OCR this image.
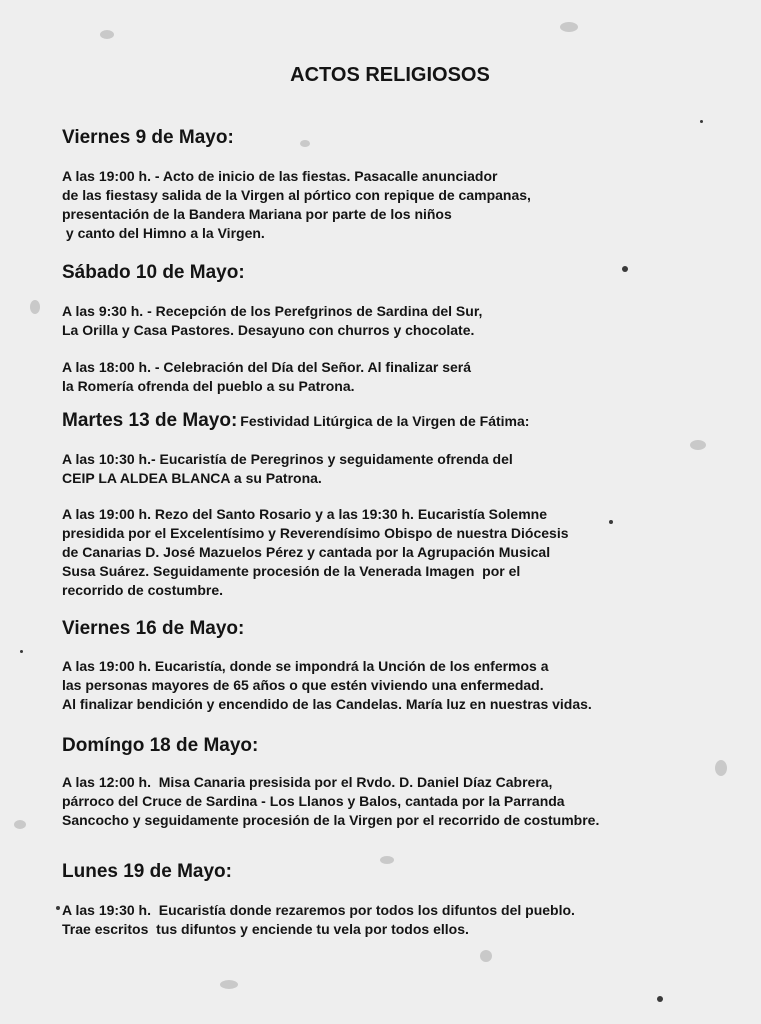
ACTOS RELIGIOSOS
Viernes 9 de Mayo:
A las 19:00 h. - Acto de inicio de las fiestas. Pasacalle anunciador
de las fiestasy salida de la Virgen al pórtico con repique de campanas,
presentación de la Bandera Mariana por parte de los niños
y canto del Himno a la Virgen.
Sábado 10 de Mayo:
A las 9:30 h. - Recepción de los Perefgrinos de Sardina del Sur,
La Orilla y Casa Pastores. Desayuno con churros y chocolate.
A las 18:00 h. - Celebración del Día del Señor. Al finalizar será
la Romería ofrenda del pueblo a su Patrona.
Martes 13 de Mayo: Festividad Litúrgica de la Virgen de Fátima:
A las 10:30 h.- Eucaristía de Peregrinos y seguidamente ofrenda del
CEIP LA ALDEA BLANCA a su Patrona.
A las 19:00 h. Rezo del Santo Rosario y a las 19:30 h. Eucaristía Solemne
presidida por el Excelentísimo y Reverendísimo Obispo de nuestra Diócesis
de Canarias D. José Mazuelos Pérez y cantada por la Agrupación Musical
Susa Suárez. Seguidamente procesión de la Venerada Imagen  por el
recorrido de costumbre.
Viernes 16 de Mayo:
A las 19:00 h. Eucaristía, donde se impondrá la Unción de los enfermos a
las personas mayores de 65 años o que estén viviendo una enfermedad.
Al finalizar bendición y encendido de las Candelas. María luz en nuestras vidas.
Domíngo 18 de Mayo:
A las 12:00 h.  Misa Canaria presisida por el Rvdo. D. Daniel Díaz Cabrera,
párroco del Cruce de Sardina - Los Llanos y Balos, cantada por la Parranda
Sancocho y seguidamente procesión de la Virgen por el recorrido de costumbre.
Lunes 19 de Mayo:
A las 19:30 h.  Eucaristía donde rezaremos por todos los difuntos del pueblo.
Trae escritos  tus difuntos y enciende tu vela por todos ellos.
